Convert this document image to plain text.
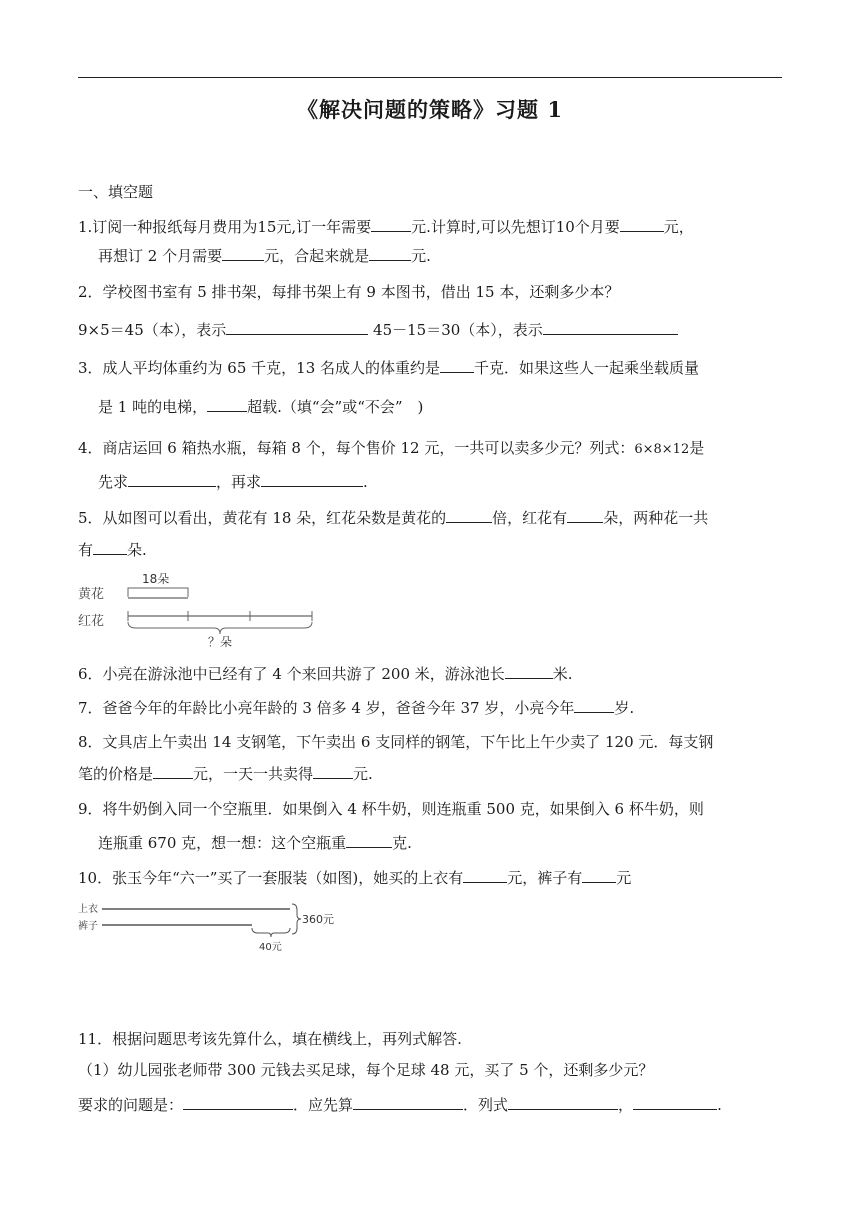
《解决问题的策略》习题 1
一、填空题
1.订阅一种报纸每月费用为15元,订一年需要	元.计算时,可以先想订10个月要	元，
再想订 2 个月需要	元，合起来就是	元.
2．学校图书室有 5 排书架，每排书架上有 9 本图书，借出 15 本，还剩多少本？
9×5＝45（本），表示	45－15＝30（本），表示
3．成人平均体重约为 65 千克，13 名成人的体重约是 千克．如果这些人一起乘坐载质量
是 1 吨的电梯，	超载.（填“会”或“不会”　)
4．商店运回 6 箱热水瓶，每箱 8 个，每个售价 12 元，一共可以卖多少元？列式：6×8×12是
先求	，再求	.
5．从如图可以看出，黄花有 18 朵，红花朵数是黄花的	倍，红花有 朵，两种花一共
有 朵.
黄花
红花
18朵
？朵
6．小亮在游泳池中已经有了 4 个来回共游了 200 米，游泳池长	米.
7．爸爸今年的年龄比小亮年龄的 3 倍多 4 岁，爸爸今年 37 岁，小亮今年	岁.
8．文具店上午卖出 14 支钢笔，下午卖出 6 支同样的钢笔，下午比上午少卖了 120 元．每支钢
笔的价格是	元，一天一共卖得	元.
9．将牛奶倒入同一个空瓶里．如果倒入 4 杯牛奶，则连瓶重 500 克，如果倒入 6 杯牛奶，则
连瓶重 670 克，想一想：这个空瓶重	克.
10．张玉今年“六一”买了一套服装（如图)，她买的上衣有	元，裤子有 元
上衣
裤子
360元
40元
11．根据问题思考该先算什么，填在横线上，再列式解答.
（1）幼儿园张老师带 300 元钱去买足球，每个足球 48 元，买了 5 个，还剩多少元？
要求的问题是：	．应先算	．列式	，	.
